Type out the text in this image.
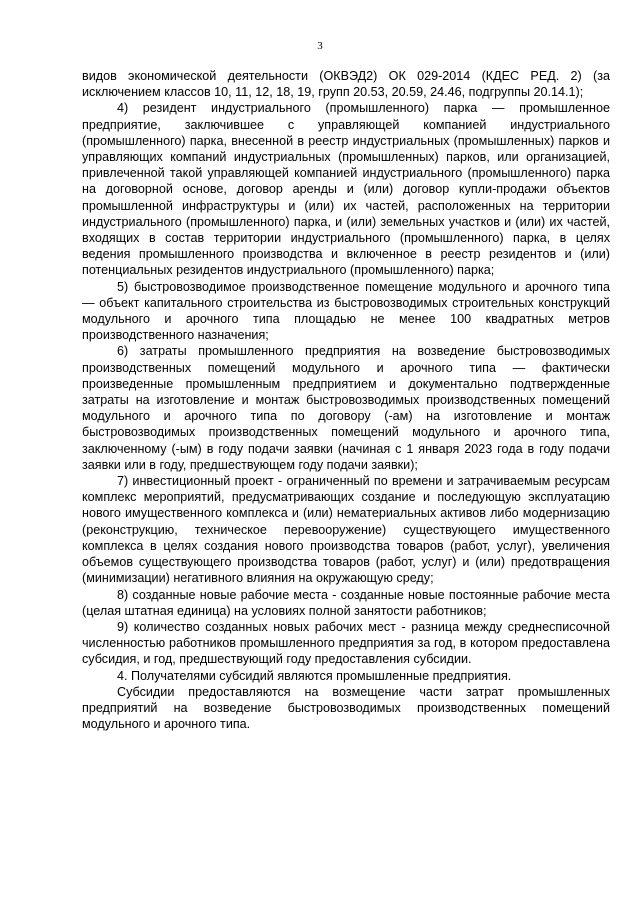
3

видов экономической деятельности (ОКВЭД2) ОК 029-2014 (КДЕС РЕД. 2) (за исключением классов 10, 11, 12, 18, 19, групп 20.53, 20.59, 24.46, подгруппы 20.14.1);

4) резидент индустриального (промышленного) парка — промышленное предприятие, заключившее с управляющей компанией индустриального (промышленного) парка, внесенной в реестр индустриальных (промышленных) парков и управляющих компаний индустриальных (промышленных) парков, или организацией, привлеченной такой управляющей компанией индустриального (промышленного) парка на договорной основе, договор аренды и (или) договор купли-продажи объектов промышленной инфраструктуры и (или) их частей, расположенных на территории индустриального (промышленного) парка, и (или) земельных участков и (или) их частей, входящих в состав территории индустриального (промышленного) парка, в целях ведения промышленного производства и включенное в реестр резидентов и (или) потенциальных резидентов индустриального (промышленного) парка;

5) быстровозводимое производственное помещение модульного и арочного типа — объект капитального строительства из быстровозводимых строительных конструкций модульного и арочного типа площадью не менее 100 квадратных метров производственного назначения;

6) затраты промышленного предприятия на возведение быстровозводимых производственных помещений модульного и арочного типа — фактически произведенные промышленным предприятием и документально подтвержденные затраты на изготовление и монтаж быстровозводимых производственных помещений модульного и арочного типа по договору (-ам) на изготовление и монтаж быстровозводимых производственных помещений модульного и арочного типа, заключенному (-ым) в году подачи заявки (начиная с 1 января 2023 года в году подачи заявки или в году, предшествующем году подачи заявки);

7) инвестиционный проект - ограниченный по времени и затрачиваемым ресурсам комплекс мероприятий, предусматривающих создание и последующую эксплуатацию нового имущественного комплекса и (или) нематериальных активов либо модернизацию (реконструкцию, техническое перевооружение) существующего имущественного комплекса в целях создания нового производства товаров (работ, услуг), увеличения объемов существующего производства товаров (работ, услуг) и (или) предотвращения (минимизации) негативного влияния на окружающую среду;

8) созданные новые рабочие места - созданные новые постоянные рабочие места (целая штатная единица) на условиях полной занятости работников;

9) количество созданных новых рабочих мест - разница между среднесписочной численностью работников промышленного предприятия за год, в котором предоставлена субсидия, и год, предшествующий году предоставления субсидии.

4. Получателями субсидий являются промышленные предприятия.

Субсидии предоставляются на возмещение части затрат промышленных предприятий на возведение быстровозводимых производственных помещений модульного и арочного типа.
